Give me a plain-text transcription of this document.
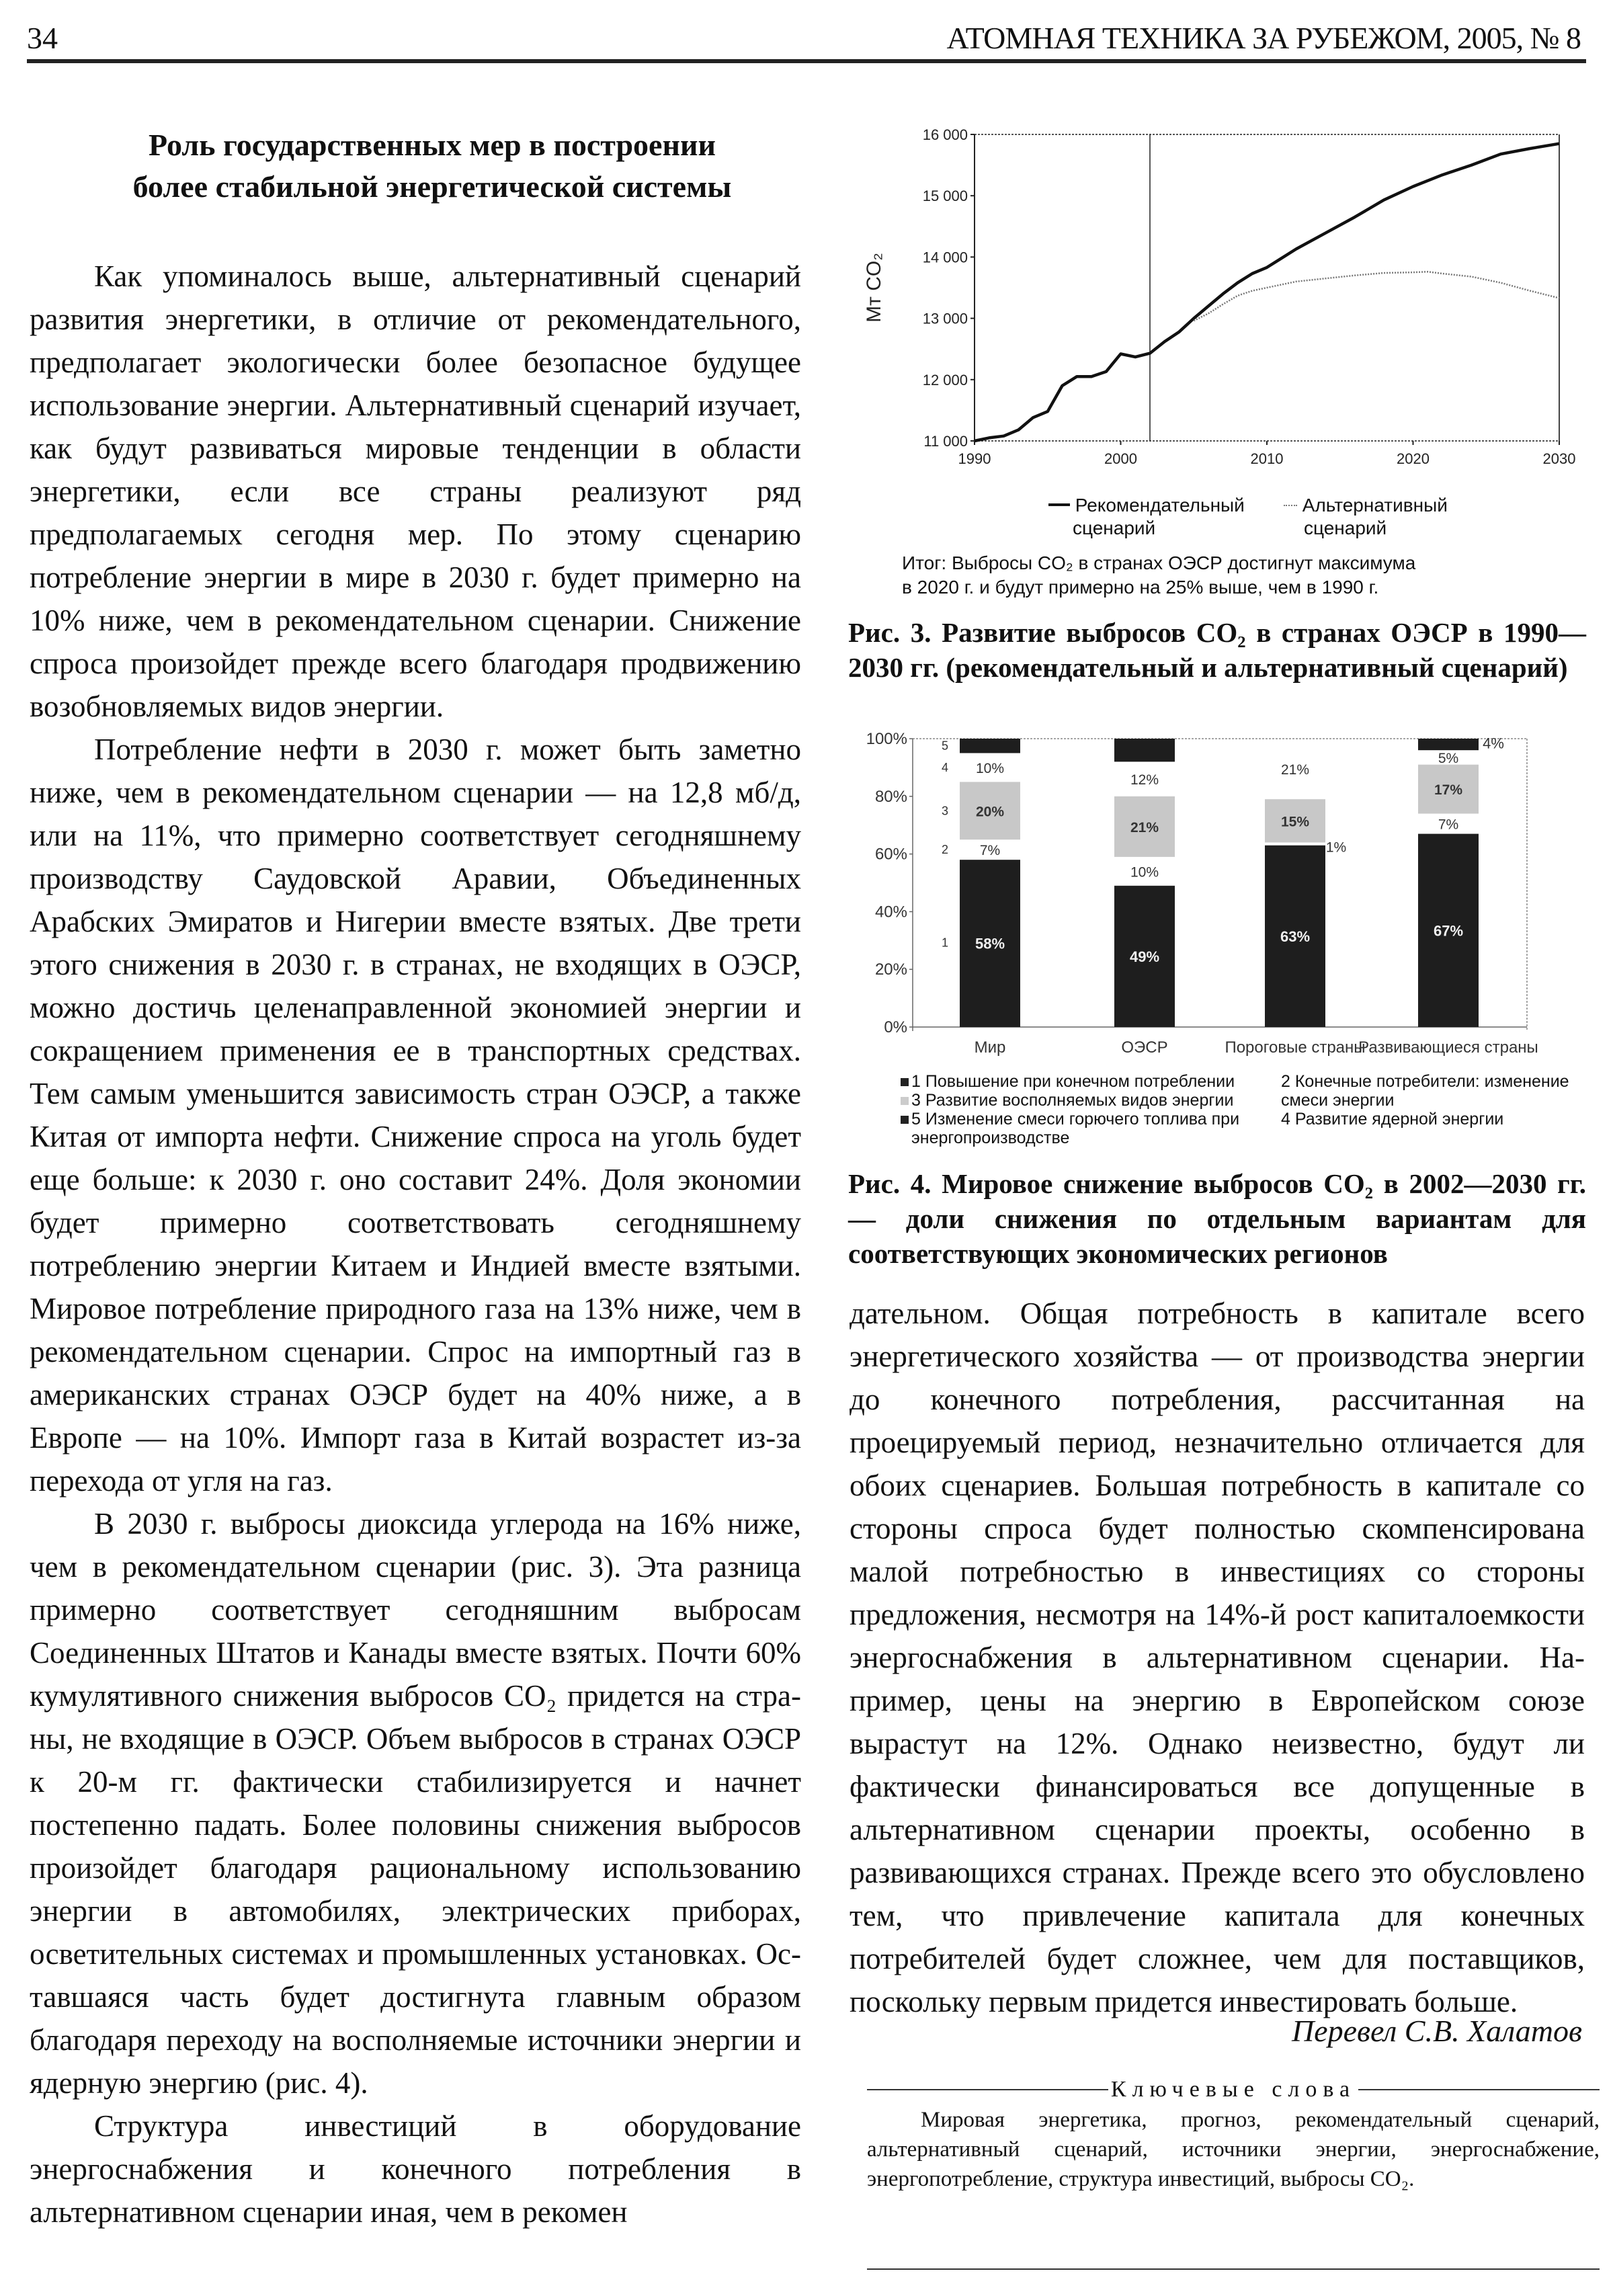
34	АТОМНАЯ ТЕХНИКА ЗА РУБЕЖОМ, 2005, № 8
Роль государственных мер в построении
более стабильной энергетической системы

Как упоминалось выше, альтернативный сценарий развития энергетики, в отличие от рекомендательного, предполагает экологически более безопасное будущее использование энергии. Альтернативный сценарий изучает, как будут развиваться мировые тенденции в области энергетики, если все страны реализуют ряд предполагаемых сегодня мер. По этому сценарию потребление энергии в мире в 2030 г. будет примерно на 10% ниже, чем в рекомендательном сценарии. Снижение спроса произойдет прежде всего благодаря продвижению возобновляемых видов энергии.

Потребление нефти в 2030 г. может быть заметно ниже, чем в рекомендательном сценарии — на 12,8 мб/д, или на 11%, что примерно соответствует сегодняшнему производству Саудовской Аравии, Объединенных Арабских Эмиратов и Нигерии вместе взятых. Две трети этого снижения в 2030 г. в странах, не входящих в ОЭСР, можно достичь целенаправленной экономией энергии и сокращением применения ее в транспортных средствах. Тем самым уменьшится зависимость стран ОЭСР, а также Китая от импорта нефти. Снижение спроса на уголь будет еще больше: к 2030 г. оно составит 24%. Доля экономии будет примерно соответствовать сегодняшнему потреблению энергии Китаем и Индией вместе взятыми. Мировое потребление природного газа на 13% ниже, чем в рекомендательном сценарии. Спрос на импортный газ в американских странах ОЭСР будет на 40% ниже, а в Европе — на 10%. Импорт газа в Китай возрастет из-за перехода от угля на газ.

В 2030 г. выбросы диоксида углерода на 16% ниже, чем в рекомендательном сценарии (рис. 3). Эта разница примерно соответствует сегодняшним выбросам Соединенных Штатов и Канады вместе взятых. Почти 60% кумулятивного снижения выбросов CO₂ придется на страны, не входящие в ОЭСР. Объем выбросов в странах ОЭСР к 20-м гг. фактически стабилизируется и начнет постепенно падать. Более половины снижения выбросов произойдет благодаря рациональному использованию энергии в автомобилях, электрических приборах, осветительных системах и промышленных установках. Оставшаяся часть будет достигнута главным образом благодаря переходу на восполняемые источники энергии и ядерную энергию (рис. 4).

Структура инвестиций в оборудование энергоснабжения и конечного потребления в альтернативном сценарии иная, чем в рекомен

11 000
12 000
13 000
14 000
15 000
16 000
1990	2000	2010	2020	2030
Мт CO₂
Рекомендательный
сценарий
Альтернативный
сценарий
Итог: Выбросы CO₂ в странах ОЭСР достигнут максимума
в 2020 г. и будут примерно на 25% выше, чем в 1990 г.
Рис. 3. Развитие выбросов CO₂ в странах ОЭСР в 1990—2030 гг. (рекомендательный и альтернативный сценарий)
0%
20%
40%
60%
80%
100%
58%
7%
20%
10%
Мир
49%
10%
21%
12%
ОЭСР
63%
1%
15%
21%
Пороговые страны
67%
7%
17%
5%
4%
Развивающиеся страны
1
2
3
4
5
1 Повышение при конечном потреблении
3 Развитие восполняемых видов энергии
5 Изменение смеси горючего топлива при
энергопроизводстве
2 Конечные потребители: изменение
смеси энергии
4 Развитие ядерной энергии
Рис. 4. Мировое снижение выбросов CO₂ в 2002—2030 гг. — доли снижения по отдельным вариантам для соответствующих экономических регионов

дательном. Общая потребность в капитале всего энергетического хозяйства — от производства энергии до конечного потребления, рассчитанная на проецируемый период, незначительно отличается для обоих сценариев. Большая потребность в капитале со стороны спроса будет полностью скомпенсирована малой потребностью в инвестициях со стороны предложения, несмотря на 14%-й рост капиталоемкости энергоснабжения в альтернативном сценарии. Например, цены на энергию в Европейском союзе вырастут на 12%. Однако неизвестно, будут ли фактически финансироваться все допущенные в альтернативном сценарии проекты, особенно в развивающихся странах. Прежде всего это обусловлено тем, что привлечение капитала для конечных потребителей будет сложнее, чем для поставщиков, поскольку первым придется инвестировать больше.

Перевел С.В. Халатов
Ключевые слова

Мировая энергетика, прогноз, рекомендательный сценарий, альтернативный сценарий, источники энергии, энергоснабжение, энергопотребление, структура инвестиций, выбросы CO₂.
